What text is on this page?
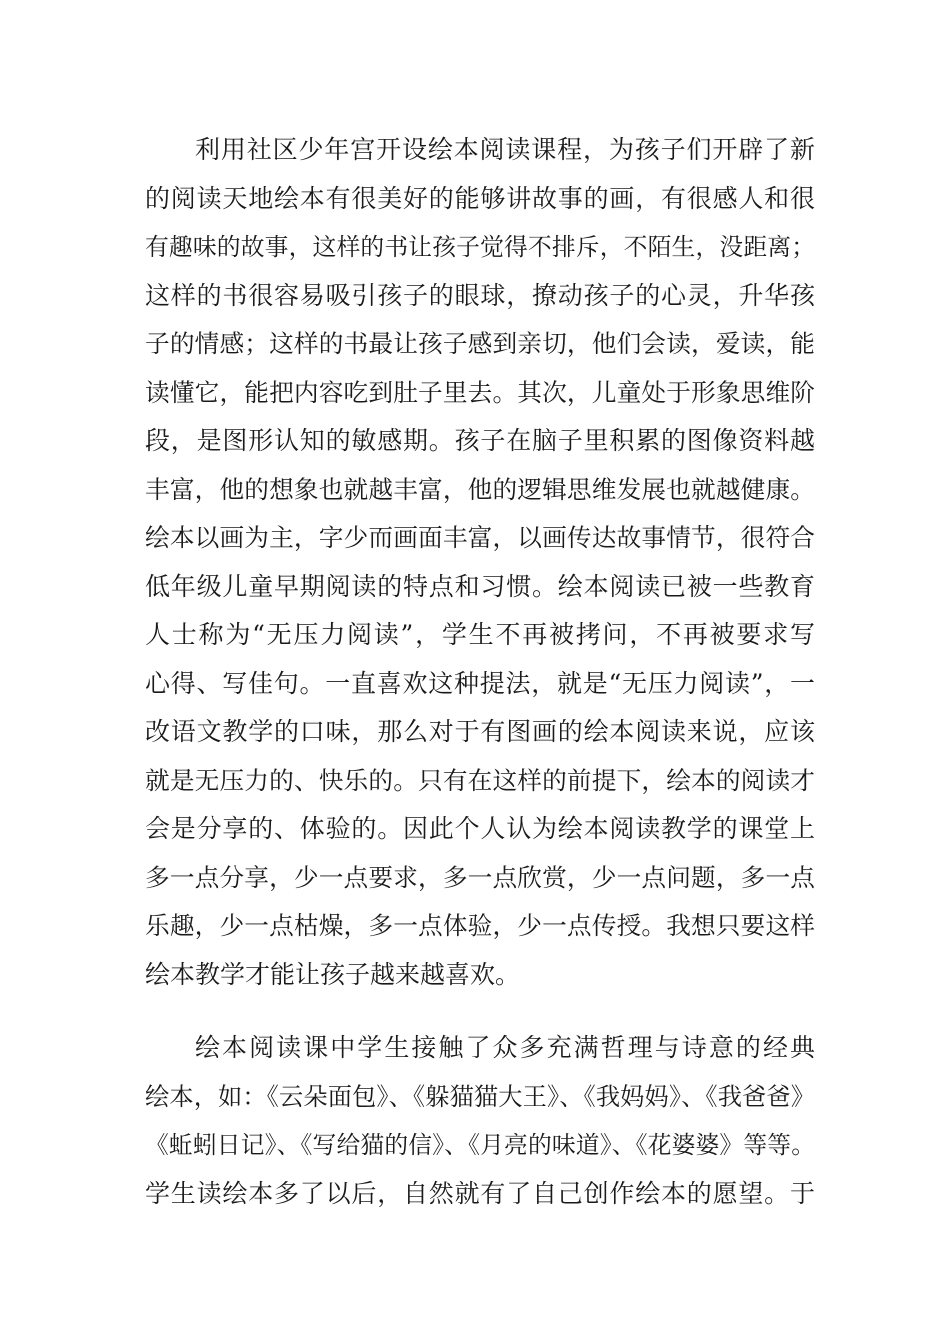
利用社区少年宫开设绘本阅读课程，为孩子们开辟了新
的阅读天地绘本有很美好的能够讲故事的画，有很感人和很
有趣味的故事，这样的书让孩子觉得不排斥，不陌生，没距离；
这样的书很容易吸引孩子的眼球，撩动孩子的心灵，升华孩
子的情感；这样的书最让孩子感到亲切，他们会读，爱读，能
读懂它，能把内容吃到肚子里去。其次，儿童处于形象思维阶
段，是图形认知的敏感期。孩子在脑子里积累的图像资料越
丰富，他的想象也就越丰富，他的逻辑思维发展也就越健康。
绘本以画为主，字少而画面丰富，以画传达故事情节，很符合
低年级儿童早期阅读的特点和习惯。绘本阅读已被一些教育
人士称为“无压力阅读”，学生不再被拷问，不再被要求写
心得、写佳句。一直喜欢这种提法，就是“无压力阅读”，一
改语文教学的口味，那么对于有图画的绘本阅读来说，应该
就是无压力的、快乐的。只有在这样的前提下，绘本的阅读才
会是分享的、体验的。因此个人认为绘本阅读教学的课堂上
多一点分享，少一点要求，多一点欣赏，少一点问题，多一点
乐趣，少一点枯燥，多一点体验，少一点传授。我想只要这样
绘本教学才能让孩子越来越喜欢。
绘本阅读课中学生接触了众多充满哲理与诗意的经典
绘本，如：《云朵面包》、《躲猫猫大王》、《我妈妈》、《我爸爸》
《蚯蚓日记》、《写给猫的信》、《月亮的味道》、《花婆婆》等等。
学生读绘本多了以后，自然就有了自己创作绘本的愿望。于
